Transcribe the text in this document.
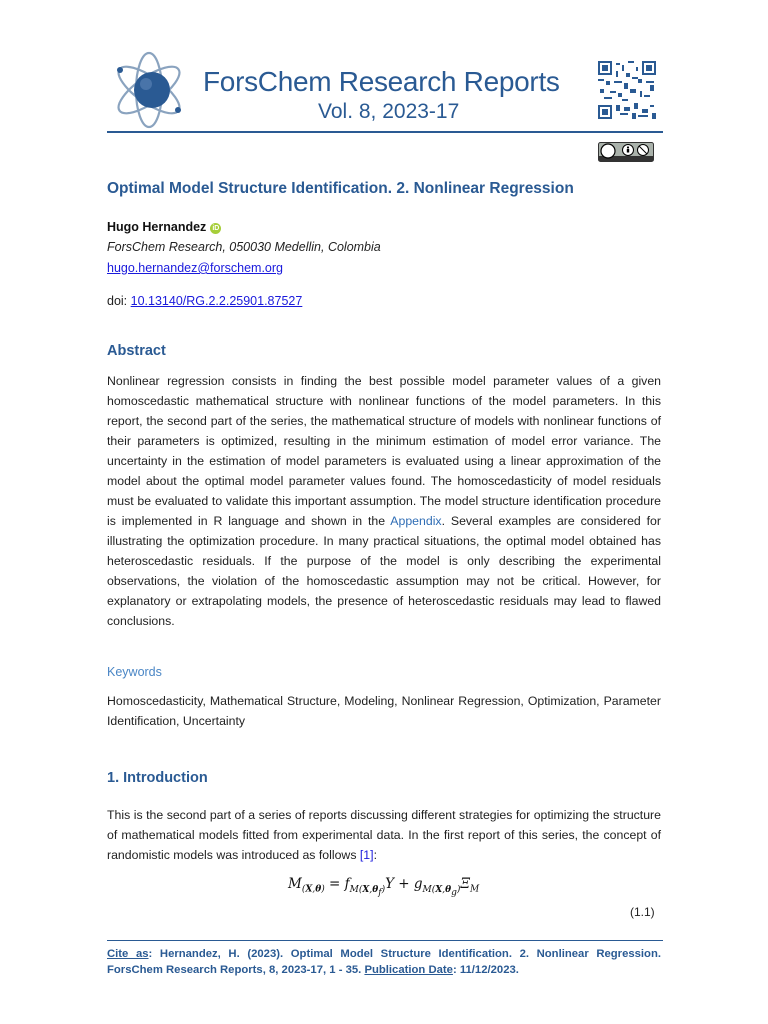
ForsChem Research Reports
Vol. 8, 2023-17
Optimal Model Structure Identification. 2. Nonlinear Regression
Hugo Hernandez iD
ForsChem Research, 050030 Medellin, Colombia
hugo.hernandez@forschem.org
doi: 10.13140/RG.2.2.25901.87527
Abstract
Nonlinear regression consists in finding the best possible model parameter values of a given homoscedastic mathematical structure with nonlinear functions of the model parameters. In this report, the second part of the series, the mathematical structure of models with nonlinear functions of their parameters is optimized, resulting in the minimum estimation of model error variance. The uncertainty in the estimation of model parameters is evaluated using a linear approximation of the model about the optimal model parameter values found. The homoscedasticity of model residuals must be evaluated to validate this important assumption. The model structure identification procedure is implemented in R language and shown in the Appendix. Several examples are considered for illustrating the optimization procedure. In many practical situations, the optimal model obtained has heteroscedastic residuals. If the purpose of the model is only describing the experimental observations, the violation of the homoscedastic assumption may not be critical. However, for explanatory or extrapolating models, the presence of heteroscedastic residuals may lead to flawed conclusions.
Keywords
Homoscedasticity, Mathematical Structure, Modeling, Nonlinear Regression, Optimization, Parameter Identification, Uncertainty
1. Introduction
This is the second part of a series of reports discussing different strategies for optimizing the structure of mathematical models fitted from experimental data. In the first report of this series, the concept of randomistic models was introduced as follows [1]:
$M_{(X,\theta)} = f_{M(X,\theta_f)}\Upsilon + g_{M(X,\theta_g)}\Xi_M$
(1.1)
Cite as: Hernandez, H. (2023). Optimal Model Structure Identification. 2. Nonlinear Regression. ForsChem Research Reports, 8, 2023-17, 1 - 35. Publication Date: 11/12/2023.
